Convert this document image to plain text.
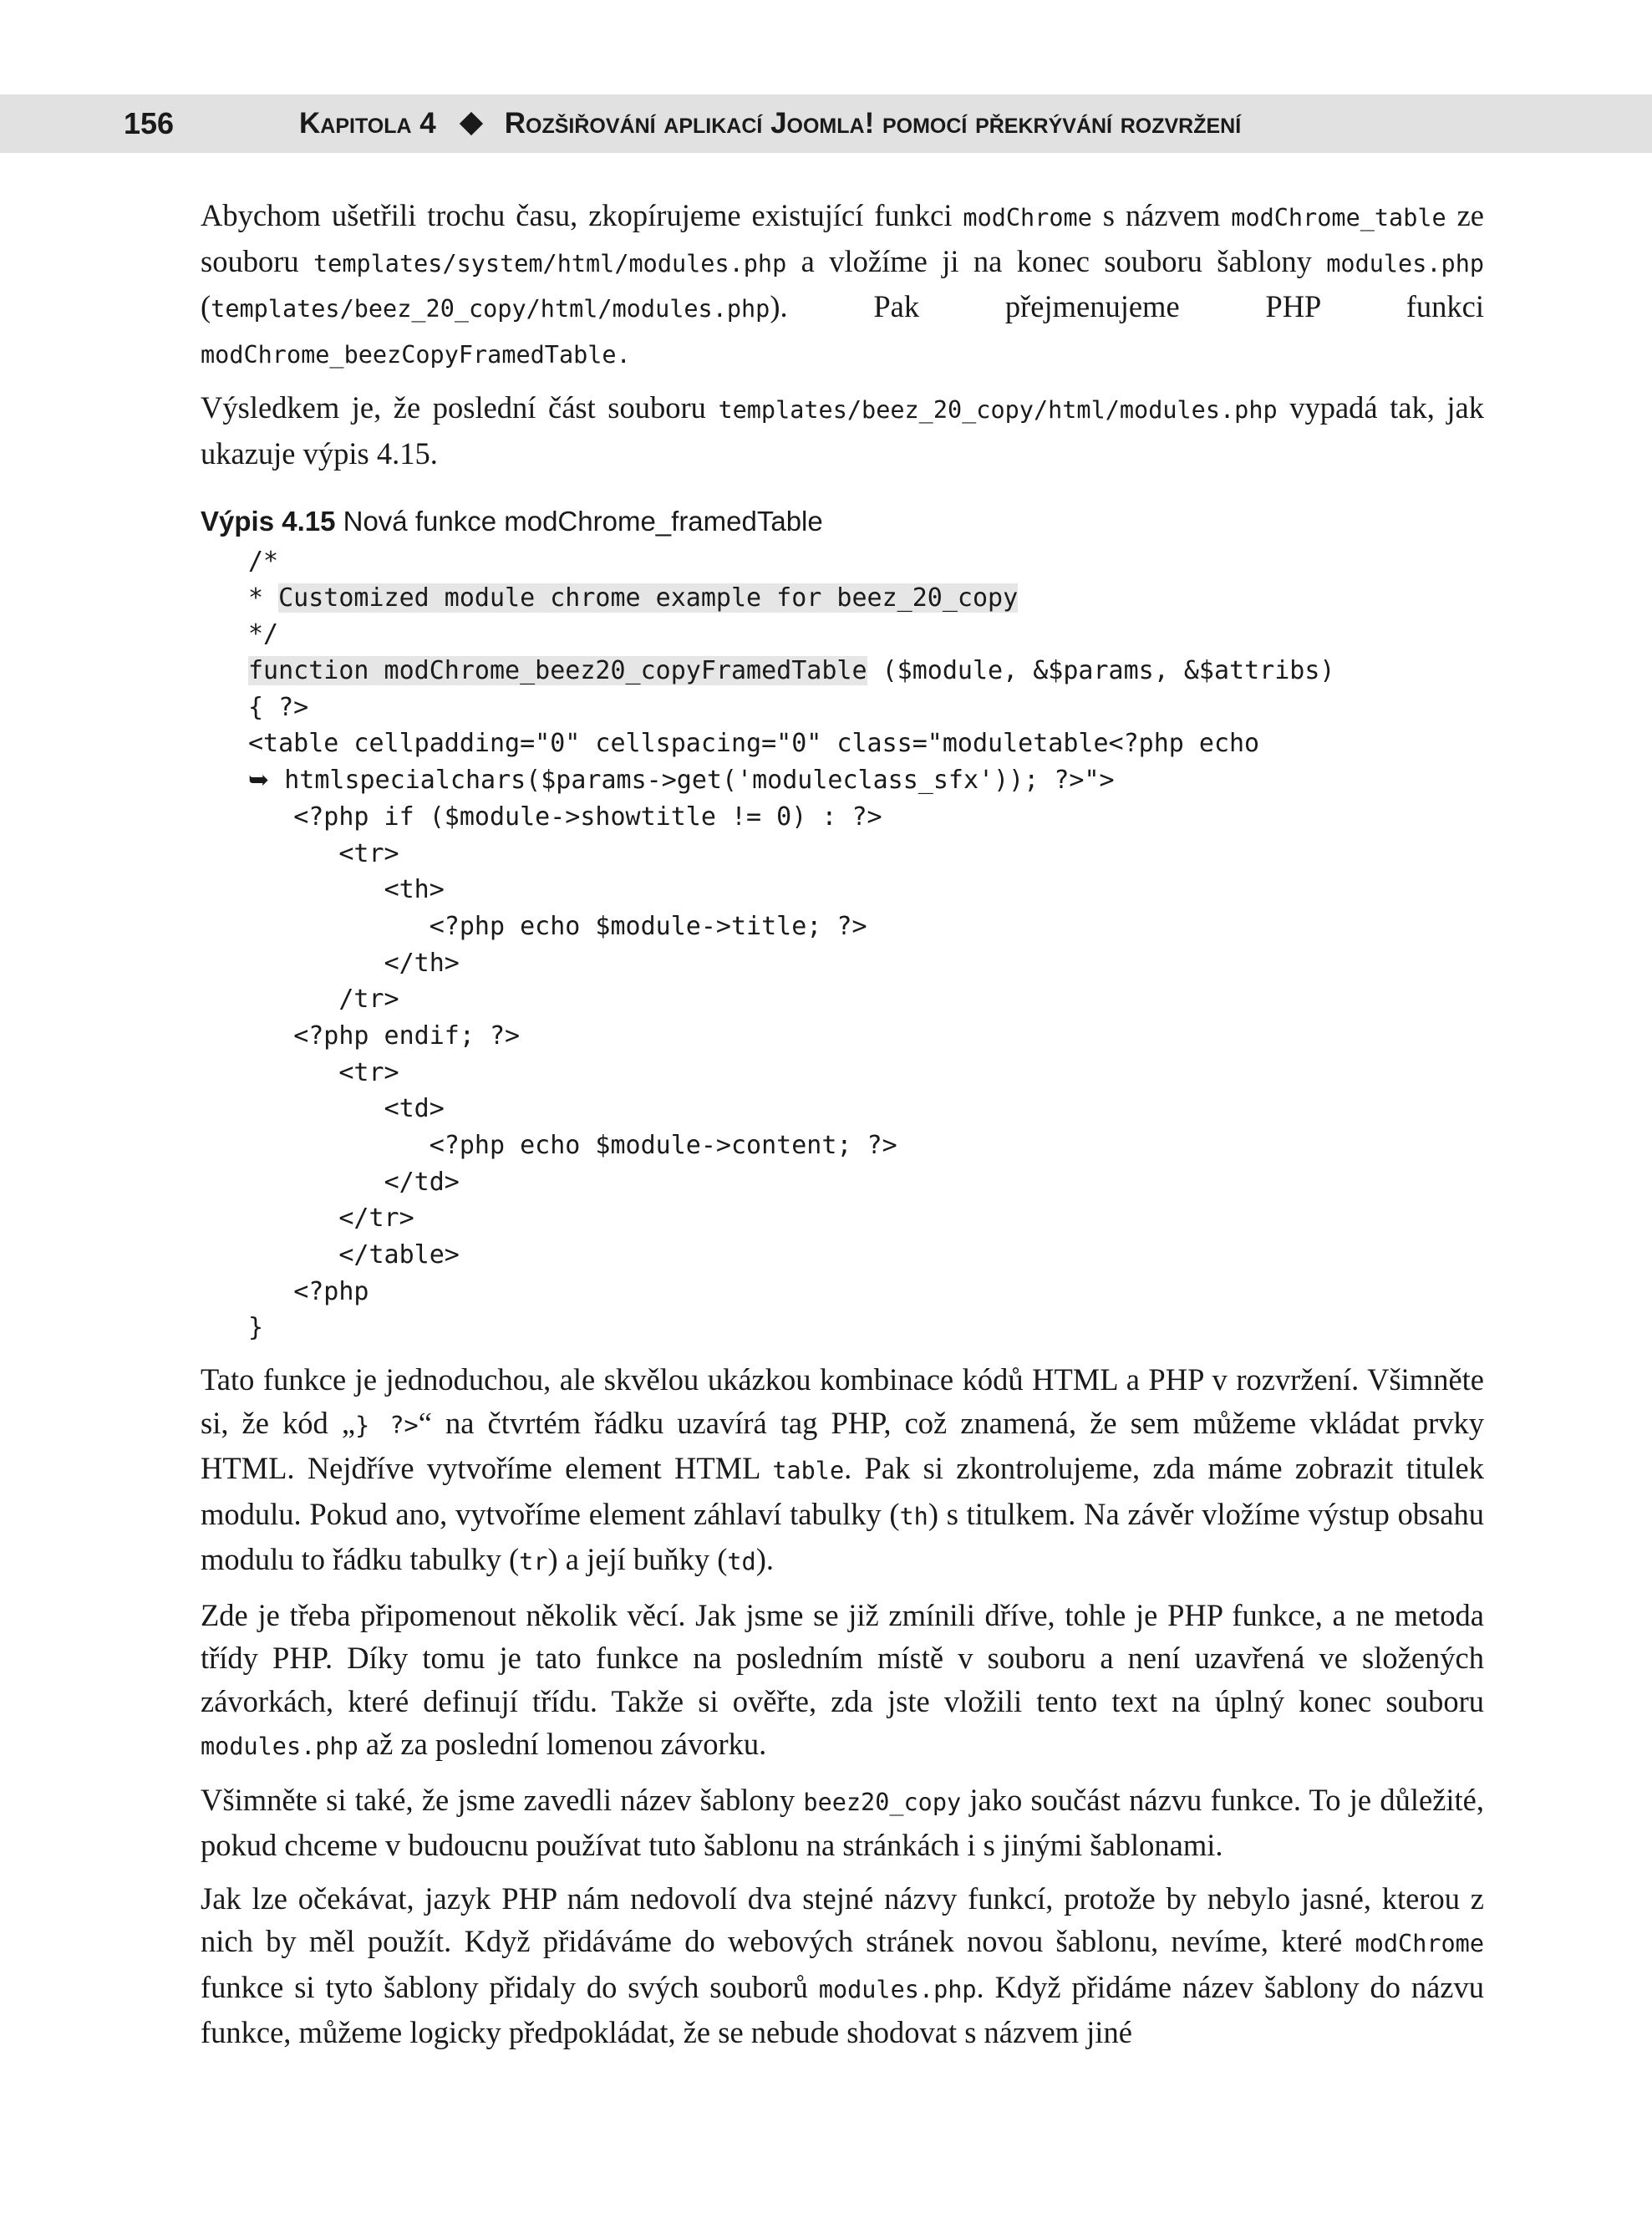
156	Kapitola 4 Rozšiřování aplikací Joomla! pomocí překrývání rozvržení

Abychom ušetřili trochu času, zkopírujeme existující funkci modChrome s názvem modChrome_table ze souboru templates/system/html/modules.php a vložíme ji na konec souboru šablony modules.php (templates/beez_20_copy/html/modules.php). Pak přejmenujeme PHP funkci modChrome_beezCopyFramedTable.

Výsledkem je, že poslední část souboru templates/beez_20_copy/html/modules.php vypadá tak, jak ukazuje výpis 4.15.

Výpis 4.15 Nová funkce modChrome_framedTable
/*
* Customized module chrome example for beez_20_copy
*/
function modChrome_beez20_copyFramedTable ($module, &$params, &$attribs)
{ ?>
<table cellpadding="0" cellspacing="0" class="moduletable<?php echo
➥ htmlspecialchars($params->get('moduleclass_sfx')); ?>">
<?php if ($module->showtitle != 0) : ?>
<tr>
<th>
<?php echo $module->title; ?>
</th>
/tr>
<?php endif; ?>
<tr>
<td>
<?php echo $module->content; ?>
</td>
</tr>
</table>
<?php
}

Tato funkce je jednoduchou, ale skvělou ukázkou kombinace kódů HTML a PHP v rozvržení. Všimněte si, že kód „} ?>“ na čtvrtém řádku uzavírá tag PHP, což znamená, že sem můžeme vkládat prvky HTML. Nejdříve vytvoříme element HTML table. Pak si zkontrolujeme, zda máme zobrazit titulek modulu. Pokud ano, vytvoříme element záhlaví tabulky (th) s titulkem. Na závěr vložíme výstup obsahu modulu to řádku tabulky (tr) a její buňky (td).

Zde je třeba připomenout několik věcí. Jak jsme se již zmínili dříve, tohle je PHP funkce, a ne metoda třídy PHP. Díky tomu je tato funkce na posledním místě v souboru a není uzavřená ve složených závorkách, které definují třídu. Takže si ověřte, zda jste vložili tento text na úplný konec souboru modules.php až za poslední lomenou závorku.

Všimněte si také, že jsme zavedli název šablony beez20_copy jako součást názvu funkce. To je důležité, pokud chceme v budoucnu používat tuto šablonu na stránkách i s jinými šablonami.

Jak lze očekávat, jazyk PHP nám nedovolí dva stejné názvy funkcí, protože by nebylo jasné, kterou z nich by měl použít. Když přidáváme do webových stránek novou šablonu, nevíme, které modChrome funkce si tyto šablony přidaly do svých souborů modules.php. Když přidáme název šablony do názvu funkce, můžeme logicky předpokládat, že se nebude shodovat s názvem jiné
